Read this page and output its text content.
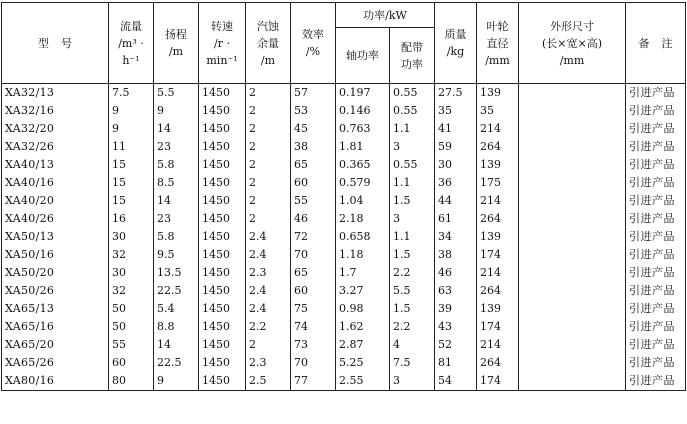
型号	流量
/m³ ·
h⁻¹	扬程
/m	转速
/r ·
min⁻¹	汽蚀
余量
/m	效率
/%	功率/kW		质量
/kg	叶轮
直径
/mm	外形尺寸
(长×宽×高)
/mm	备注
						轴功率	配带
功率				

XA32/13	7.5	5.5	1450	2	57	0.197	0.55	27.5	139		引进产品
XA32/16	9	9	1450	2	53	0.146	0.55	35	35		引进产品
XA32/20	9	14	1450	2	45	0.763	1.1	41	214		引进产品
XA32/26	11	23	1450	2	38	1.81	3	59	264		引进产品
XA40/13	15	5.8	1450	2	65	0.365	0.55	30	139		引进产品
XA40/16	15	8.5	1450	2	60	0.579	1.1	36	175		引进产品
XA40/20	15	14	1450	2	55	1.04	1.5	44	214		引进产品
XA40/26	16	23	1450	2	46	2.18	3	61	264		引进产品
XA50/13	30	5.8	1450	2.4	72	0.658	1.1	34	139		引进产品
XA50/16	32	9.5	1450	2.4	70	1.18	1.5	38	174		引进产品
XA50/20	30	13.5	1450	2.3	65	1.7	2.2	46	214		引进产品
XA50/26	32	22.5	1450	2.4	60	3.27	5.5	63	264		引进产品
XA65/13	50	5.4	1450	2.4	75	0.98	1.5	39	139		引进产品
XA65/16	50	8.8	1450	2.2	74	1.62	2.2	43	174		引进产品
XA65/20	55	14	1450	2	73	2.87	4	52	214		引进产品
XA65/26	60	22.5	1450	2.3	70	5.25	7.5	81	264		引进产品
XA80/16	80	9	1450	2.5	77	2.55	3	54	174		引进产品
